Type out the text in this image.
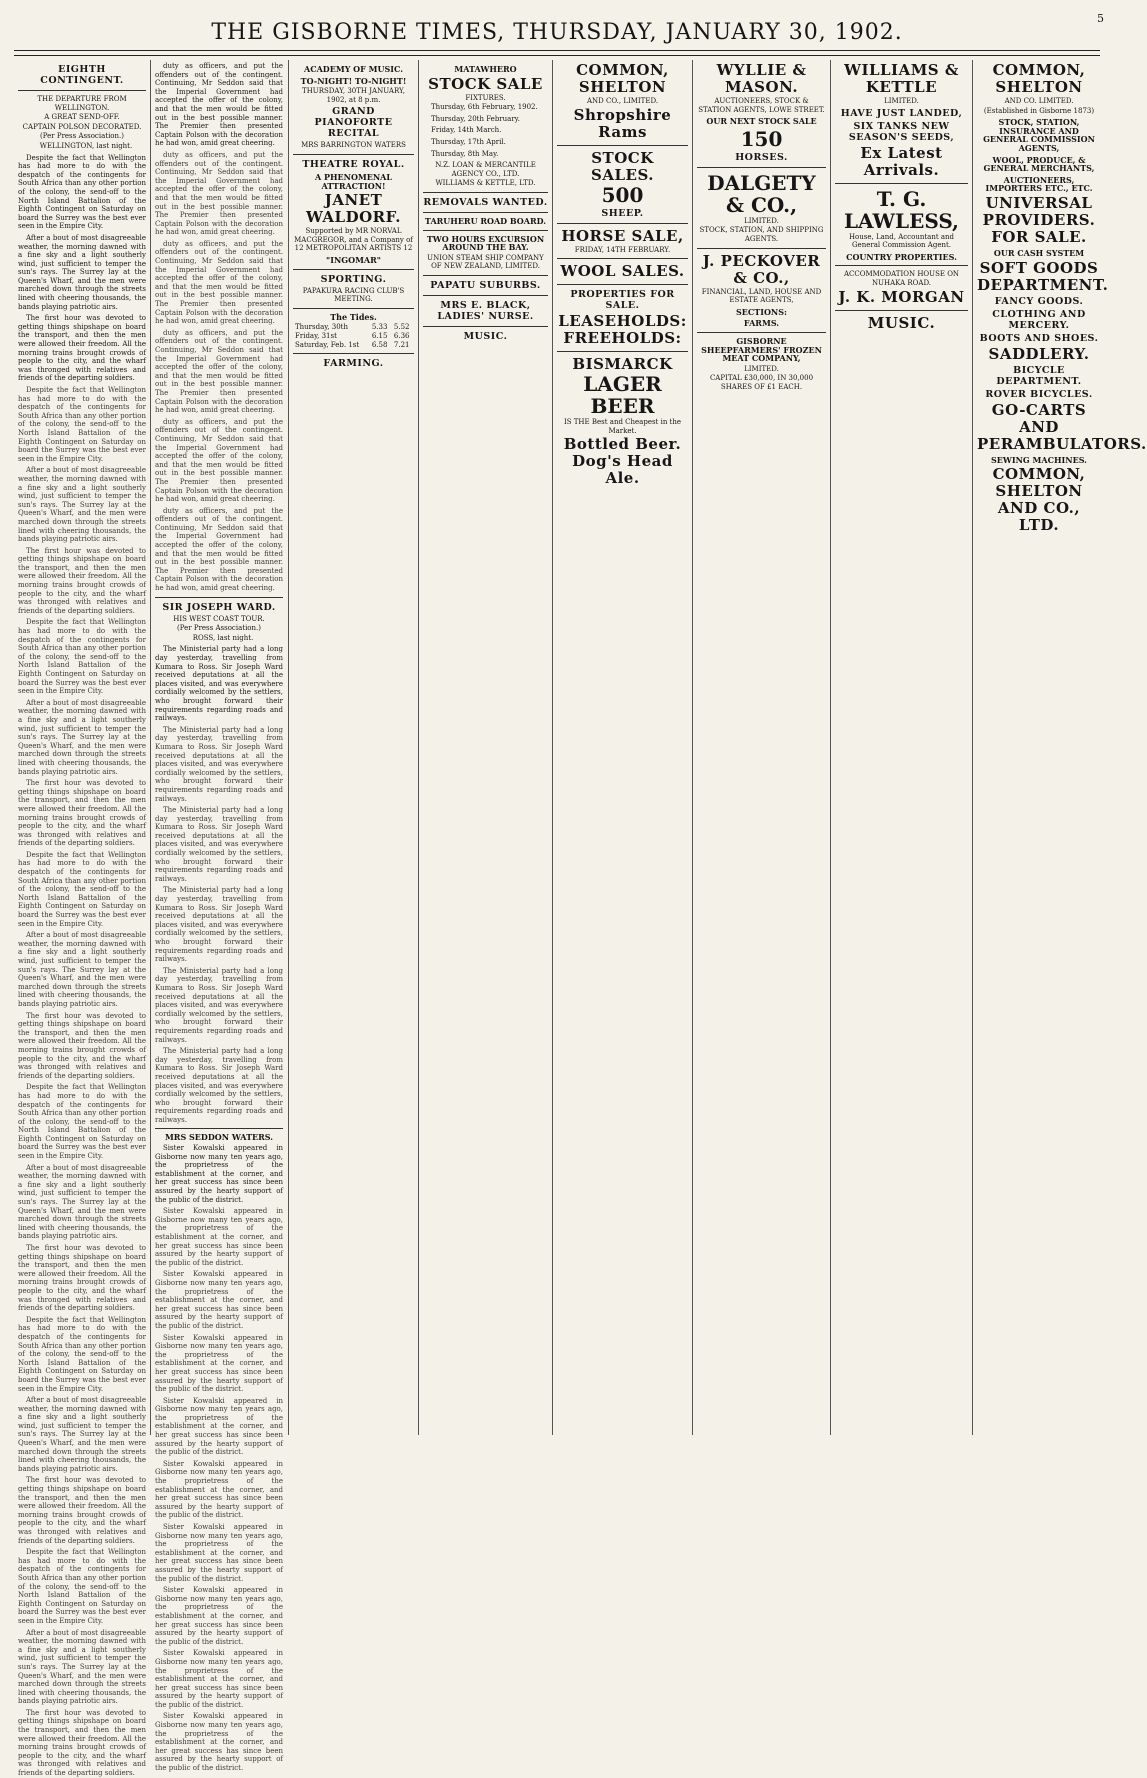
THE GISBORNE TIMES, THURSDAY, JANUARY 30, 1902.
5
EIGHTH CONTINGENT.
THE DEPARTURE FROM WELLINGTON.
A GREAT SEND-OFF.
CAPTAIN POLSON DECORATED.
(Per Press Association.)

WELLINGTON, last night.

Despite the fact that Wellington has had more to do with the despatch of the contingents for South Africa than any other portion of the colony, the send-off to the North Island Battalion of the Eighth Contingent on Saturday on board the Surrey was the best ever seen in the Empire City.

After a bout of most disagreeable weather, the morning dawned with a fine sky and a light southerly wind, just sufficient to temper the sun's rays. The Surrey lay at the Queen's Wharf, and the men were marched down through the streets lined with cheering thousands, the bands playing patriotic airs.

The first hour was devoted to getting things shipshape on board the transport, and then the men were allowed their freedom. All the morning trains brought crowds of people to the city, and the wharf was thronged with relatives and friends of the departing soldiers.

Despite the fact that Wellington has had more to do with the despatch of the contingents for South Africa than any other portion of the colony, the send-off to the North Island Battalion of the Eighth Contingent on Saturday on board the Surrey was the best ever seen in the Empire City.

After a bout of most disagreeable weather, the morning dawned with a fine sky and a light southerly wind, just sufficient to temper the sun's rays. The Surrey lay at the Queen's Wharf, and the men were marched down through the streets lined with cheering thousands, the bands playing patriotic airs.

The first hour was devoted to getting things shipshape on board the transport, and then the men were allowed their freedom. All the morning trains brought crowds of people to the city, and the wharf was thronged with relatives and friends of the departing soldiers.

Despite the fact that Wellington has had more to do with the despatch of the contingents for South Africa than any other portion of the colony, the send-off to the North Island Battalion of the Eighth Contingent on Saturday on board the Surrey was the best ever seen in the Empire City.

After a bout of most disagreeable weather, the morning dawned with a fine sky and a light southerly wind, just sufficient to temper the sun's rays. The Surrey lay at the Queen's Wharf, and the men were marched down through the streets lined with cheering thousands, the bands playing patriotic airs.

The first hour was devoted to getting things shipshape on board the transport, and then the men were allowed their freedom. All the morning trains brought crowds of people to the city, and the wharf was thronged with relatives and friends of the departing soldiers.

Despite the fact that Wellington has had more to do with the despatch of the contingents for South Africa than any other portion of the colony, the send-off to the North Island Battalion of the Eighth Contingent on Saturday on board the Surrey was the best ever seen in the Empire City.

After a bout of most disagreeable weather, the morning dawned with a fine sky and a light southerly wind, just sufficient to temper the sun's rays. The Surrey lay at the Queen's Wharf, and the men were marched down through the streets lined with cheering thousands, the bands playing patriotic airs.

The first hour was devoted to getting things shipshape on board the transport, and then the men were allowed their freedom. All the morning trains brought crowds of people to the city, and the wharf was thronged with relatives and friends of the departing soldiers.

Despite the fact that Wellington has had more to do with the despatch of the contingents for South Africa than any other portion of the colony, the send-off to the North Island Battalion of the Eighth Contingent on Saturday on board the Surrey was the best ever seen in the Empire City.

After a bout of most disagreeable weather, the morning dawned with a fine sky and a light southerly wind, just sufficient to temper the sun's rays. The Surrey lay at the Queen's Wharf, and the men were marched down through the streets lined with cheering thousands, the bands playing patriotic airs.

The first hour was devoted to getting things shipshape on board the transport, and then the men were allowed their freedom. All the morning trains brought crowds of people to the city, and the wharf was thronged with relatives and friends of the departing soldiers.

Despite the fact that Wellington has had more to do with the despatch of the contingents for South Africa than any other portion of the colony, the send-off to the North Island Battalion of the Eighth Contingent on Saturday on board the Surrey was the best ever seen in the Empire City.

After a bout of most disagreeable weather, the morning dawned with a fine sky and a light southerly wind, just sufficient to temper the sun's rays. The Surrey lay at the Queen's Wharf, and the men were marched down through the streets lined with cheering thousands, the bands playing patriotic airs.

The first hour was devoted to getting things shipshape on board the transport, and then the men were allowed their freedom. All the morning trains brought crowds of people to the city, and the wharf was thronged with relatives and friends of the departing soldiers.

Despite the fact that Wellington has had more to do with the despatch of the contingents for South Africa than any other portion of the colony, the send-off to the North Island Battalion of the Eighth Contingent on Saturday on board the Surrey was the best ever seen in the Empire City.

After a bout of most disagreeable weather, the morning dawned with a fine sky and a light southerly wind, just sufficient to temper the sun's rays. The Surrey lay at the Queen's Wharf, and the men were marched down through the streets lined with cheering thousands, the bands playing patriotic airs.

The first hour was devoted to getting things shipshape on board the transport, and then the men were allowed their freedom. All the morning trains brought crowds of people to the city, and the wharf was thronged with relatives and friends of the departing soldiers.

duty as officers, and put the offenders out of the contingent. Continuing, Mr Seddon said that the Imperial Government had accepted the offer of the colony, and that the men would be fitted out in the best possible manner. The Premier then presented Captain Polson with the decoration he had won, amid great cheering.

duty as officers, and put the offenders out of the contingent. Continuing, Mr Seddon said that the Imperial Government had accepted the offer of the colony, and that the men would be fitted out in the best possible manner. The Premier then presented Captain Polson with the decoration he had won, amid great cheering.

duty as officers, and put the offenders out of the contingent. Continuing, Mr Seddon said that the Imperial Government had accepted the offer of the colony, and that the men would be fitted out in the best possible manner. The Premier then presented Captain Polson with the decoration he had won, amid great cheering.

duty as officers, and put the offenders out of the contingent. Continuing, Mr Seddon said that the Imperial Government had accepted the offer of the colony, and that the men would be fitted out in the best possible manner. The Premier then presented Captain Polson with the decoration he had won, amid great cheering.

duty as officers, and put the offenders out of the contingent. Continuing, Mr Seddon said that the Imperial Government had accepted the offer of the colony, and that the men would be fitted out in the best possible manner. The Premier then presented Captain Polson with the decoration he had won, amid great cheering.

duty as officers, and put the offenders out of the contingent. Continuing, Mr Seddon said that the Imperial Government had accepted the offer of the colony, and that the men would be fitted out in the best possible manner. The Premier then presented Captain Polson with the decoration he had won, amid great cheering.

SIR JOSEPH WARD.
HIS WEST COAST TOUR.
(Per Press Association.)

ROSS, last night.

The Ministerial party had a long day yesterday, travelling from Kumara to Ross. Sir Joseph Ward received deputations at all the places visited, and was everywhere cordially welcomed by the settlers, who brought forward their requirements regarding roads and railways.

The Ministerial party had a long day yesterday, travelling from Kumara to Ross. Sir Joseph Ward received deputations at all the places visited, and was everywhere cordially welcomed by the settlers, who brought forward their requirements regarding roads and railways.

The Ministerial party had a long day yesterday, travelling from Kumara to Ross. Sir Joseph Ward received deputations at all the places visited, and was everywhere cordially welcomed by the settlers, who brought forward their requirements regarding roads and railways.

The Ministerial party had a long day yesterday, travelling from Kumara to Ross. Sir Joseph Ward received deputations at all the places visited, and was everywhere cordially welcomed by the settlers, who brought forward their requirements regarding roads and railways.

The Ministerial party had a long day yesterday, travelling from Kumara to Ross. Sir Joseph Ward received deputations at all the places visited, and was everywhere cordially welcomed by the settlers, who brought forward their requirements regarding roads and railways.

The Ministerial party had a long day yesterday, travelling from Kumara to Ross. Sir Joseph Ward received deputations at all the places visited, and was everywhere cordially welcomed by the settlers, who brought forward their requirements regarding roads and railways.

MRS SEDDON WATERS.

Sister Kowalski appeared in Gisborne now many ten years ago, the proprietress of the establishment at the corner, and her great success has since been assured by the hearty support of the public of the district.

Sister Kowalski appeared in Gisborne now many ten years ago, the proprietress of the establishment at the corner, and her great success has since been assured by the hearty support of the public of the district.

Sister Kowalski appeared in Gisborne now many ten years ago, the proprietress of the establishment at the corner, and her great success has since been assured by the hearty support of the public of the district.

Sister Kowalski appeared in Gisborne now many ten years ago, the proprietress of the establishment at the corner, and her great success has since been assured by the hearty support of the public of the district.

Sister Kowalski appeared in Gisborne now many ten years ago, the proprietress of the establishment at the corner, and her great success has since been assured by the hearty support of the public of the district.

Sister Kowalski appeared in Gisborne now many ten years ago, the proprietress of the establishment at the corner, and her great success has since been assured by the hearty support of the public of the district.

Sister Kowalski appeared in Gisborne now many ten years ago, the proprietress of the establishment at the corner, and her great success has since been assured by the hearty support of the public of the district.

Sister Kowalski appeared in Gisborne now many ten years ago, the proprietress of the establishment at the corner, and her great success has since been assured by the hearty support of the public of the district.

Sister Kowalski appeared in Gisborne now many ten years ago, the proprietress of the establishment at the corner, and her great success has since been assured by the hearty support of the public of the district.

Sister Kowalski appeared in Gisborne now many ten years ago, the proprietress of the establishment at the corner, and her great success has since been assured by the hearty support of the public of the district.

ACADEMY OF MUSIC.
TO-NIGHT! TO-NIGHT!
THURSDAY, 30TH JANUARY, 1902, at 8 p.m.
GRAND PIANOFORTE RECITAL
MRS BARRINGTON WATERS
THEATRE ROYAL.
A PHENOMENAL ATTRACTION!
JANET WALDORF.
Supported by MR NORVAL MACGREGOR, and a Company of 12 METROPOLITAN ARTISTS 12
"INGOMAR"
SPORTING.
PAPAKURA RACING CLUB'S MEETING.
The Tides.
Thursday, 30th	5.33	5.52
Friday, 31st	6.15	6.36
Saturday, Feb. 1st	6.58	7.21
FARMING.
MATAWHERO
STOCK SALE
FIXTURES.

Thursday, 6th February, 1902.

Thursday, 20th February.

Friday, 14th March.

Thursday, 17th April.

Thursday, 8th May.

N.Z. LOAN & MERCANTILE AGENCY CO., LTD.
WILLIAMS & KETTLE, LTD.
REMOVALS WANTED.
TARUHERU ROAD BOARD.
TWO HOURS EXCURSION AROUND THE BAY.
UNION STEAM SHIP COMPANY OF NEW ZEALAND, LIMITED.
PAPATU SUBURBS.
MRS E. BLACK, LADIES' NURSE.
MUSIC.
COMMON, SHELTON
AND CO., LIMITED.
Shropshire Rams
STOCK SALES.
500
SHEEP.
HORSE SALE,
FRIDAY, 14TH FEBRUARY.
WOOL SALES.
PROPERTIES FOR SALE.
LEASEHOLDS:
FREEHOLDS:
BISMARCK
LAGER BEER
IS THE Best and Cheapest in the Market.
Bottled Beer.
Dog's Head Ale.
WYLLIE & MASON.
AUCTIONEERS, STOCK & STATION AGENTS, LOWE STREET.
OUR NEXT STOCK SALE
150
HORSES.
DALGETY & CO.,
LIMITED.
STOCK, STATION, AND SHIPPING AGENTS.
J. PECKOVER & CO.,
FINANCIAL, LAND, HOUSE AND ESTATE AGENTS,
SECTIONS:
FARMS.
GISBORNE SHEEPFARMERS' FROZEN MEAT COMPANY,
LIMITED.
CAPITAL £30,000, IN 30,000 SHARES OF £1 EACH.
WILLIAMS & KETTLE
LIMITED.
HAVE JUST LANDED,
SIX TANKS NEW SEASON'S SEEDS,
Ex Latest Arrivals.
T. G. LAWLESS,
House, Land, Accountant and General Commission Agent.
COUNTRY PROPERTIES.
ACCOMMODATION HOUSE ON NUHAKA ROAD.
J. K. MORGAN
MUSIC.
COMMON, SHELTON
AND CO. LIMITED.
(Established in Gisborne 1873)
STOCK, STATION, INSURANCE AND GENERAL COMMISSION AGENTS,
WOOL, PRODUCE, & GENERAL MERCHANTS,
AUCTIONEERS, IMPORTERS ETC., ETC.
UNIVERSAL PROVIDERS.
FOR SALE.
OUR CASH SYSTEM
SOFT GOODS DEPARTMENT.
FANCY GOODS.
CLOTHING AND MERCERY.
BOOTS AND SHOES.
SADDLERY.
BICYCLE DEPARTMENT.
ROVER BICYCLES.
GO-CARTS AND PERAMBULATORS.
SEWING MACHINES.
COMMON, SHELTON AND CO., LTD.
